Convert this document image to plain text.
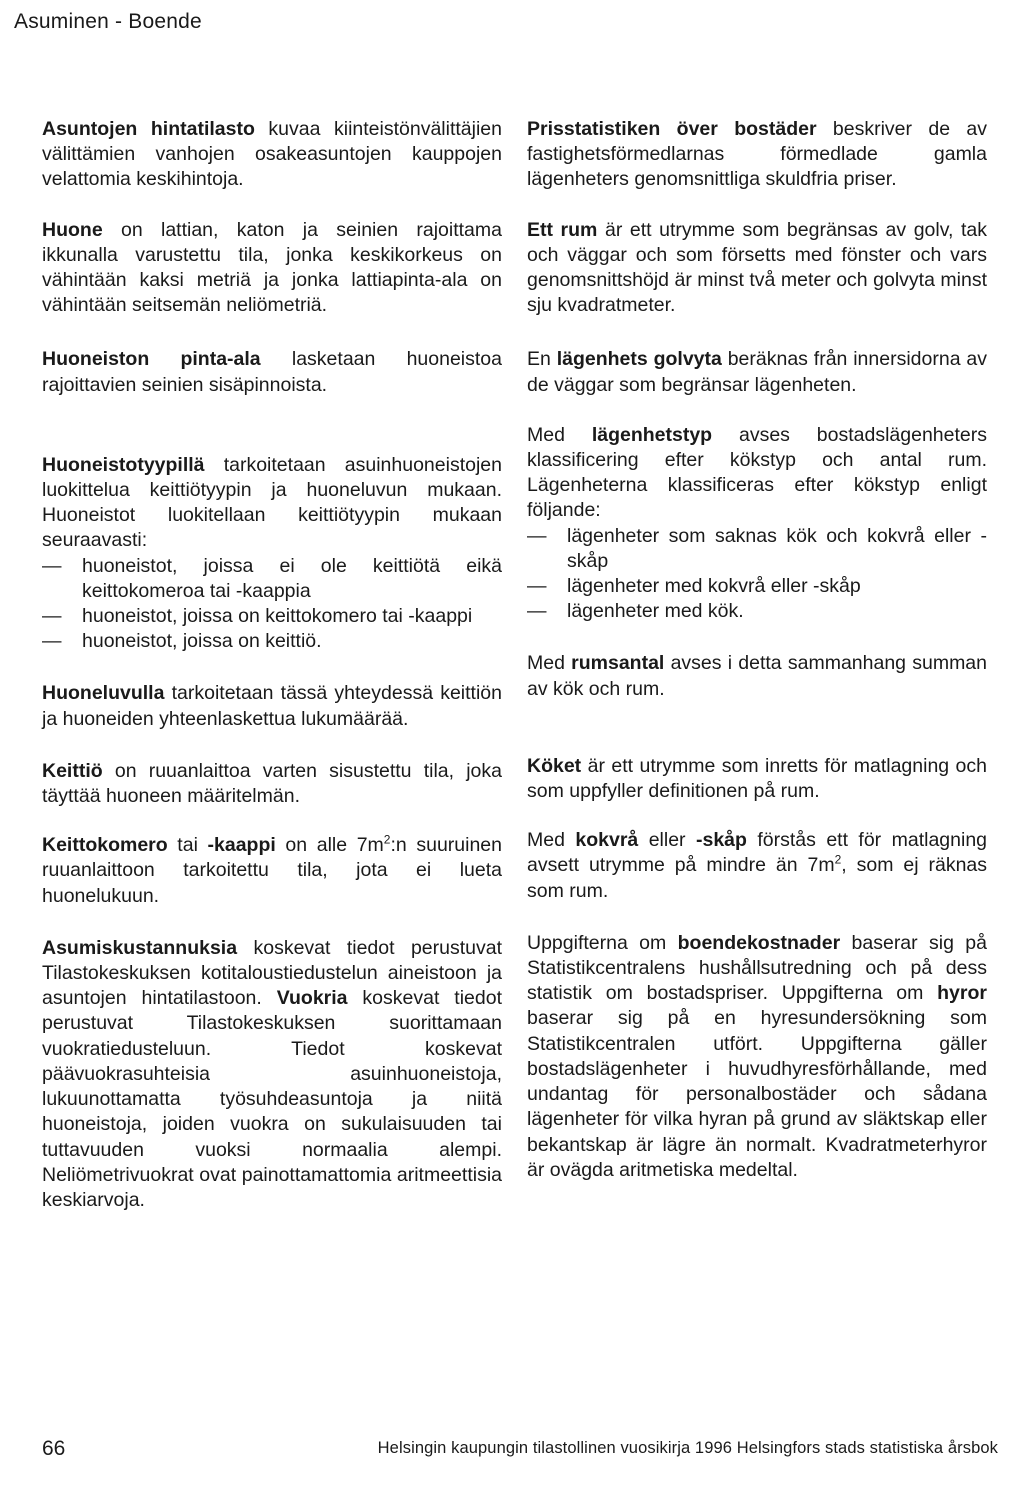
Asuminen - Boende

Asuntojen hintatilasto kuvaa kiinteistönvälittäjien välittämien vanhojen osakeasuntojen kauppojen velattomia keskihintoja.

Huone on lattian, katon ja seinien rajoittama ikkunalla varustettu tila, jonka keskikorkeus on vähintään kaksi metriä ja jonka lattiapinta-ala on vähintään seitsemän neliömetriä.

Huoneiston pinta-ala lasketaan huoneistoa rajoittavien seinien sisäpinnoista.

Huoneistotyypillä tarkoitetaan asuinhuoneistojen luokittelua keittiötyypin ja huoneluvun mukaan. Huoneistot luokitellaan keittiötyypin mukaan seuraavasti:

— huoneistot, joissa ei ole keittiötä eikä keittokomeroa tai -kaappia
— huoneistot, joissa on keittokomero tai -kaappi
— huoneistot, joissa on keittiö.

Huoneluvulla tarkoitetaan tässä yhteydessä keittiön ja huoneiden yhteenlaskettua lukumäärää.

Keittiö on ruuanlaittoa varten sisustettu tila, joka täyttää huoneen määritelmän.

Keittokomero tai -kaappi on alle $7m^2:n$ suuruinen ruuanlaittoon tarkoitettu tila, jota ei lueta huonelukuun.

Asumiskustannuksia koskevat tiedot perustuvat Tilastokeskuksen kotitaloustiedustelun aineistoon ja asuntojen hintatilastoon. Vuokria koskevat tiedot perustuvat Tilastokeskuksen suorittamaan vuokratiedusteluun. Tiedot koskevat päävuokrasuhteisia asuinhuoneistoja, lukuunottamatta työsuhdeasuntoja ja niitä huoneistoja, joiden vuokra on sukulaisuuden tai tuttavuuden vuoksi normaalia alempi. Neliömetrivuokrat ovat painottamattomia aritmeettisia keskiarvoja.

Prisstatistiken över bostäder beskriver de av fastighetsförmedlarnas förmedlade gamla lägenheters genomsnittliga skuldfria priser.

Ett rum är ett utrymme som begränsas av golv, tak och väggar och som försetts med fönster och vars genomsnittshöjd är minst två meter och golvyta minst sju kvadratmeter.

En lägenhets golvyta beräknas från innersidorna av de väggar som begränsar lägenheten.

Med lägenhetstyp avses bostadslägenheters klassificering efter kökstyp och antal rum. Lägenheterna klassificeras efter kökstyp enligt följande:

— lägenheter som saknas kök och kokvrå eller -skåp
— lägenheter med kokvrå eller -skåp
— lägenheter med kök.

Med rumsantal avses i detta sammanhang summan av kök och rum.

Köket är ett utrymme som inretts för matlagning och som uppfyller definitionen på rum.

Med kokvrå eller -skåp förstås ett för matlagning avsett utrymme på mindre än $7m^2$, som ej räknas som rum.

Uppgifterna om boendekostnader baserar sig på Statistikcentralens hushållsutredning och på dess statistik om bostadspriser. Uppgifterna om hyror baserar sig på en hyresundersökning som Statistikcentralen utfört. Uppgifterna gäller bostadslägenheter i huvudhyresförhållande, med undantag för personalbostäder och sådana lägenheter för vilka hyran på grund av släktskap eller bekantskap är lägre än normalt. Kvadratmeterhyror är ovägda aritmetiska medeltal.

66	Helsingin kaupungin tilastollinen vuosikirja 1996 Helsingfors stads statistiska årsbok
